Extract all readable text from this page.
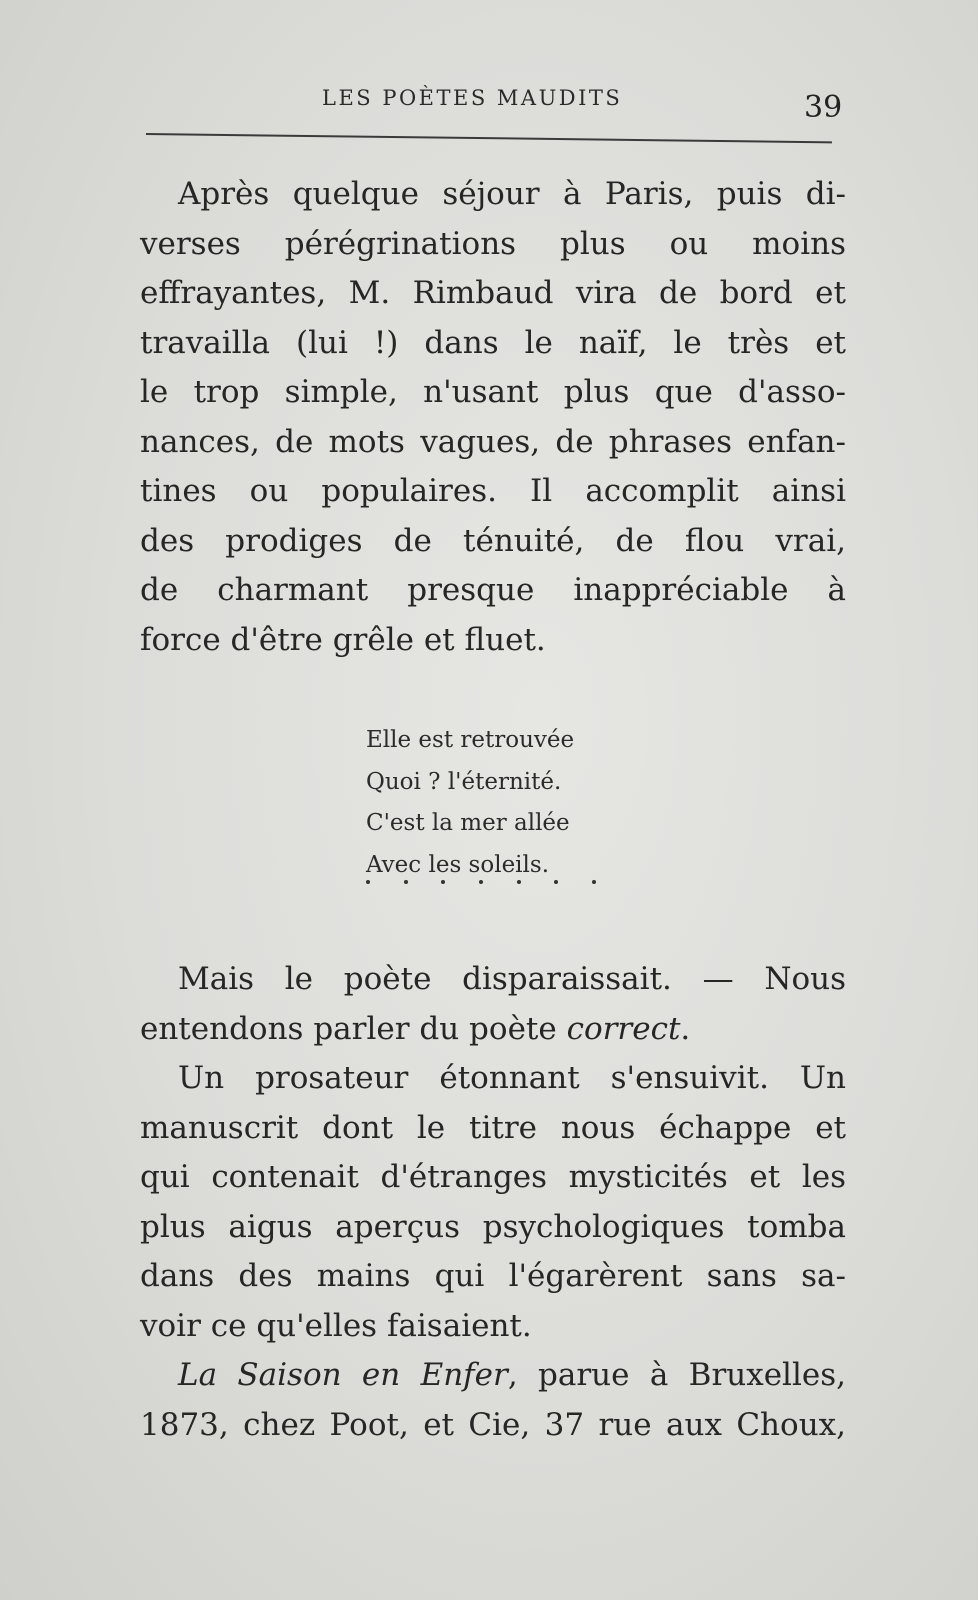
LES POÈTES MAUDITS	39
Après quelque séjour à Paris, puis di-
verses pérégrinations plus ou moins
effrayantes, M. Rimbaud vira de bord et
travailla (lui !) dans le naïf, le très et
le trop simple, n'usant plus que d'asso-
nances, de mots vagues, de phrases enfan-
tines ou populaires. Il accomplit ainsi
des prodiges de ténuité, de flou vrai,
de charmant presque inappréciable à
force d'être grêle et fluet.
Elle est retrouvée
Quoi ? l'éternité.
C'est la mer allée
Avec les soleils.
Mais le poète disparaissait. — Nous
entendons parler du poète correct.
Un prosateur étonnant s'ensuivit. Un
manuscrit dont le titre nous échappe et
qui contenait d'étranges mysticités et les
plus aigus aperçus psychologiques tomba
dans des mains qui l'égarèrent sans sa-
voir ce qu'elles faisaient.
La Saison en Enfer, parue à Bruxelles,
1873, chez Poot, et Cie, 37 rue aux Choux,
